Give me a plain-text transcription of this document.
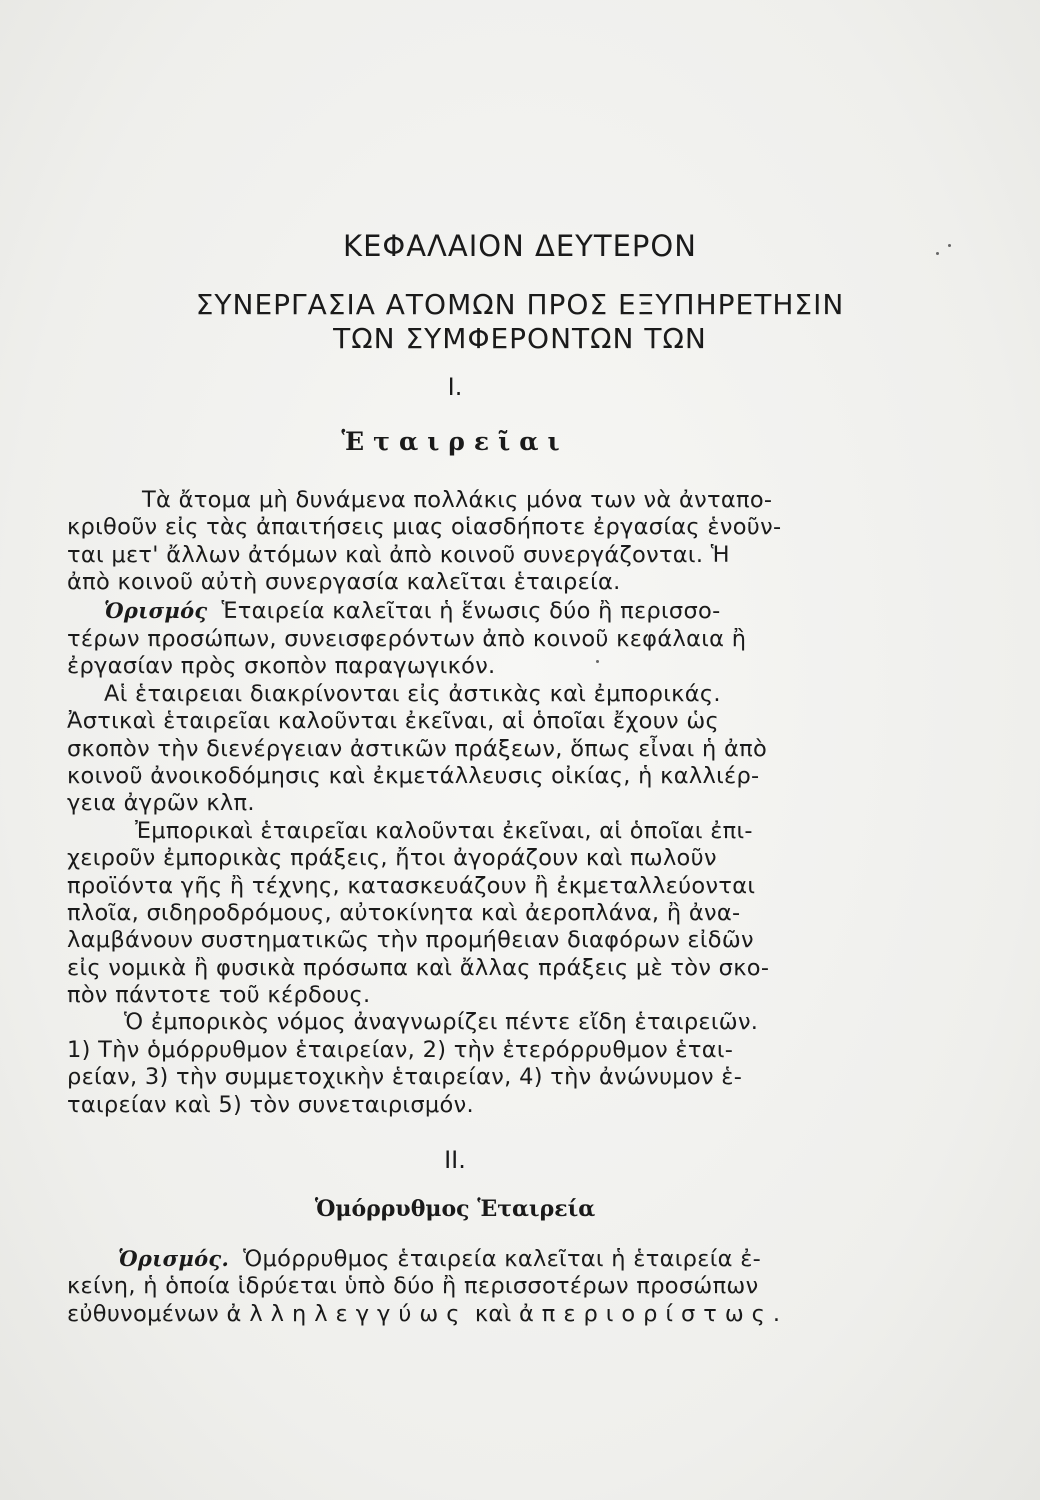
ΚΕΦΑΛΑΙΟΝ ΔΕΥΤΕΡΟΝ
ΣΥΝΕΡΓΑΣΙΑ ΑΤΟΜΩΝ ΠΡΟΣ ΕΞΥΠΗΡΕΤΗΣΙΝ
ΤΩΝ ΣΥΜΦΕΡΟΝΤΩΝ ΤΩΝ
I.
Ἑταιρεῖαι
Τὰ ἄτομα μὴ δυνάμενα πολλάκις μόνα των νὰ ἀνταπο-
κριθοῦν εἰς τὰς ἀπαιτήσεις μιας οἱασδήποτε ἐργασίας ἑνοῦν-
ται μετ' ἄλλων ἀτόμων καὶ ἀπὸ κοινοῦ συνεργάζονται. Ἡ
ἀπὸ κοινοῦ αὐτὴ συνεργασία καλεῖται ἑταιρεία.
Ὁρισμός Ἑταιρεία καλεῖται ἡ ἕνωσις δύο ἢ περισσο-
τέρων προσώπων, συνεισφερόντων ἀπὸ κοινοῦ κεφάλαια ἢ
ἐργασίαν πρὸς σκοπὸν παραγωγικόν.
Αἱ ἑταιρειαι διακρίνονται εἰς ἀστικὰς καὶ ἐμπορικάς.
Ἀστικαὶ ἑταιρεῖαι καλοῦνται ἐκεῖναι, αἱ ὁποῖαι ἔχουν ὡς
σκοπὸν τὴν διενέργειαν ἀστικῶν πράξεων, ὅπως εἶναι ἡ ἀπὸ
κοινοῦ ἀνοικοδόμησις καὶ ἐκμετάλλευσις οἰκίας, ἡ καλλιέρ-
γεια ἀγρῶν κλπ.
Ἐμπορικαὶ ἑταιρεῖαι καλοῦνται ἐκεῖναι, αἱ ὁποῖαι ἐπι-
χειροῦν ἐμπορικὰς πράξεις, ἤτοι ἀγοράζουν καὶ πωλοῦν
προϊόντα γῆς ἢ τέχνης, κατασκευάζουν ἢ ἐκμεταλλεύονται
πλοῖα, σιδηροδρόμους, αὐτοκίνητα καὶ ἀεροπλάνα, ἢ ἀνα-
λαμβάνουν συστηματικῶς τὴν προμήθειαν διαφόρων εἰδῶν
εἰς νομικὰ ἢ φυσικὰ πρόσωπα καὶ ἄλλας πράξεις μὲ τὸν σκο-
πὸν πάντοτε τοῦ κέρδους.
Ὁ ἐμπορικὸς νόμος ἀναγνωρίζει πέντε εἴδη ἑταιρειῶν.
1) Τὴν ὁμόρρυθμον ἑταιρείαν, 2) τὴν ἑτερόρρυθμον ἑται-
ρείαν, 3) τὴν συμμετοχικὴν ἑταιρείαν, 4) τὴν ἀνώνυμον ἑ-
ταιρείαν καὶ 5) τὸν συνεταιρισμόν.
II.
Ὁμόρρυθμος Ἑταιρεία
Ὁρισμός. Ὁμόρρυθμος ἑταιρεία καλεῖται ἡ ἑταιρεία ἐ-
κείνη, ἡ ὁποία ἱδρύεται ὑπὸ δύο ἢ περισσοτέρων προσώπων
εὐθυνομένων ἀλληλεγγύως καὶ ἀπεριορίστως.
